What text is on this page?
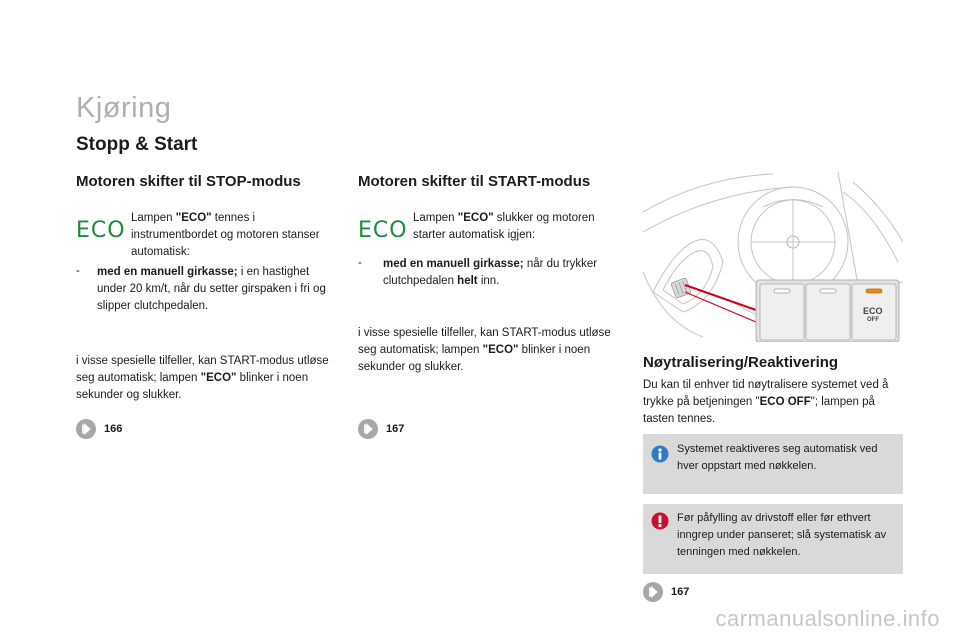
Kjøring
Stopp & Start
Motoren skifter til STOP-modus
ECO Lampen "ECO" tennes i instrumentbordet og motoren stanser automatisk:
- med en manuell girkasse; i en hastighet under 20 km/t, når du setter girspaken i fri og slipper clutchpedalen.
i visse spesielle tilfeller, kan START-modus utløse seg automatisk; lampen "ECO" blinker i noen sekunder og slukker.
166
Motoren skifter til START-modus
ECO Lampen "ECO" slukker og motoren starter automatisk igjen:
- med en manuell girkasse; når du trykker clutchpedalen helt inn.
i visse spesielle tilfeller, kan START-modus utløse seg automatisk; lampen "ECO" blinker i noen sekunder og slukker.
167
ECO
OFF
Nøytralisering/Reaktivering
Du kan til enhver tid nøytralisere systemet ved å trykke på betjeningen "ECO OFF"; lampen på tasten tennes.
Systemet reaktiveres seg automatisk ved hver oppstart med nøkkelen.
Før påfylling av drivstoff eller før ethvert inngrep under panseret; slå systematisk av tenningen med nøkkelen.
167
carmanualsonline.info
